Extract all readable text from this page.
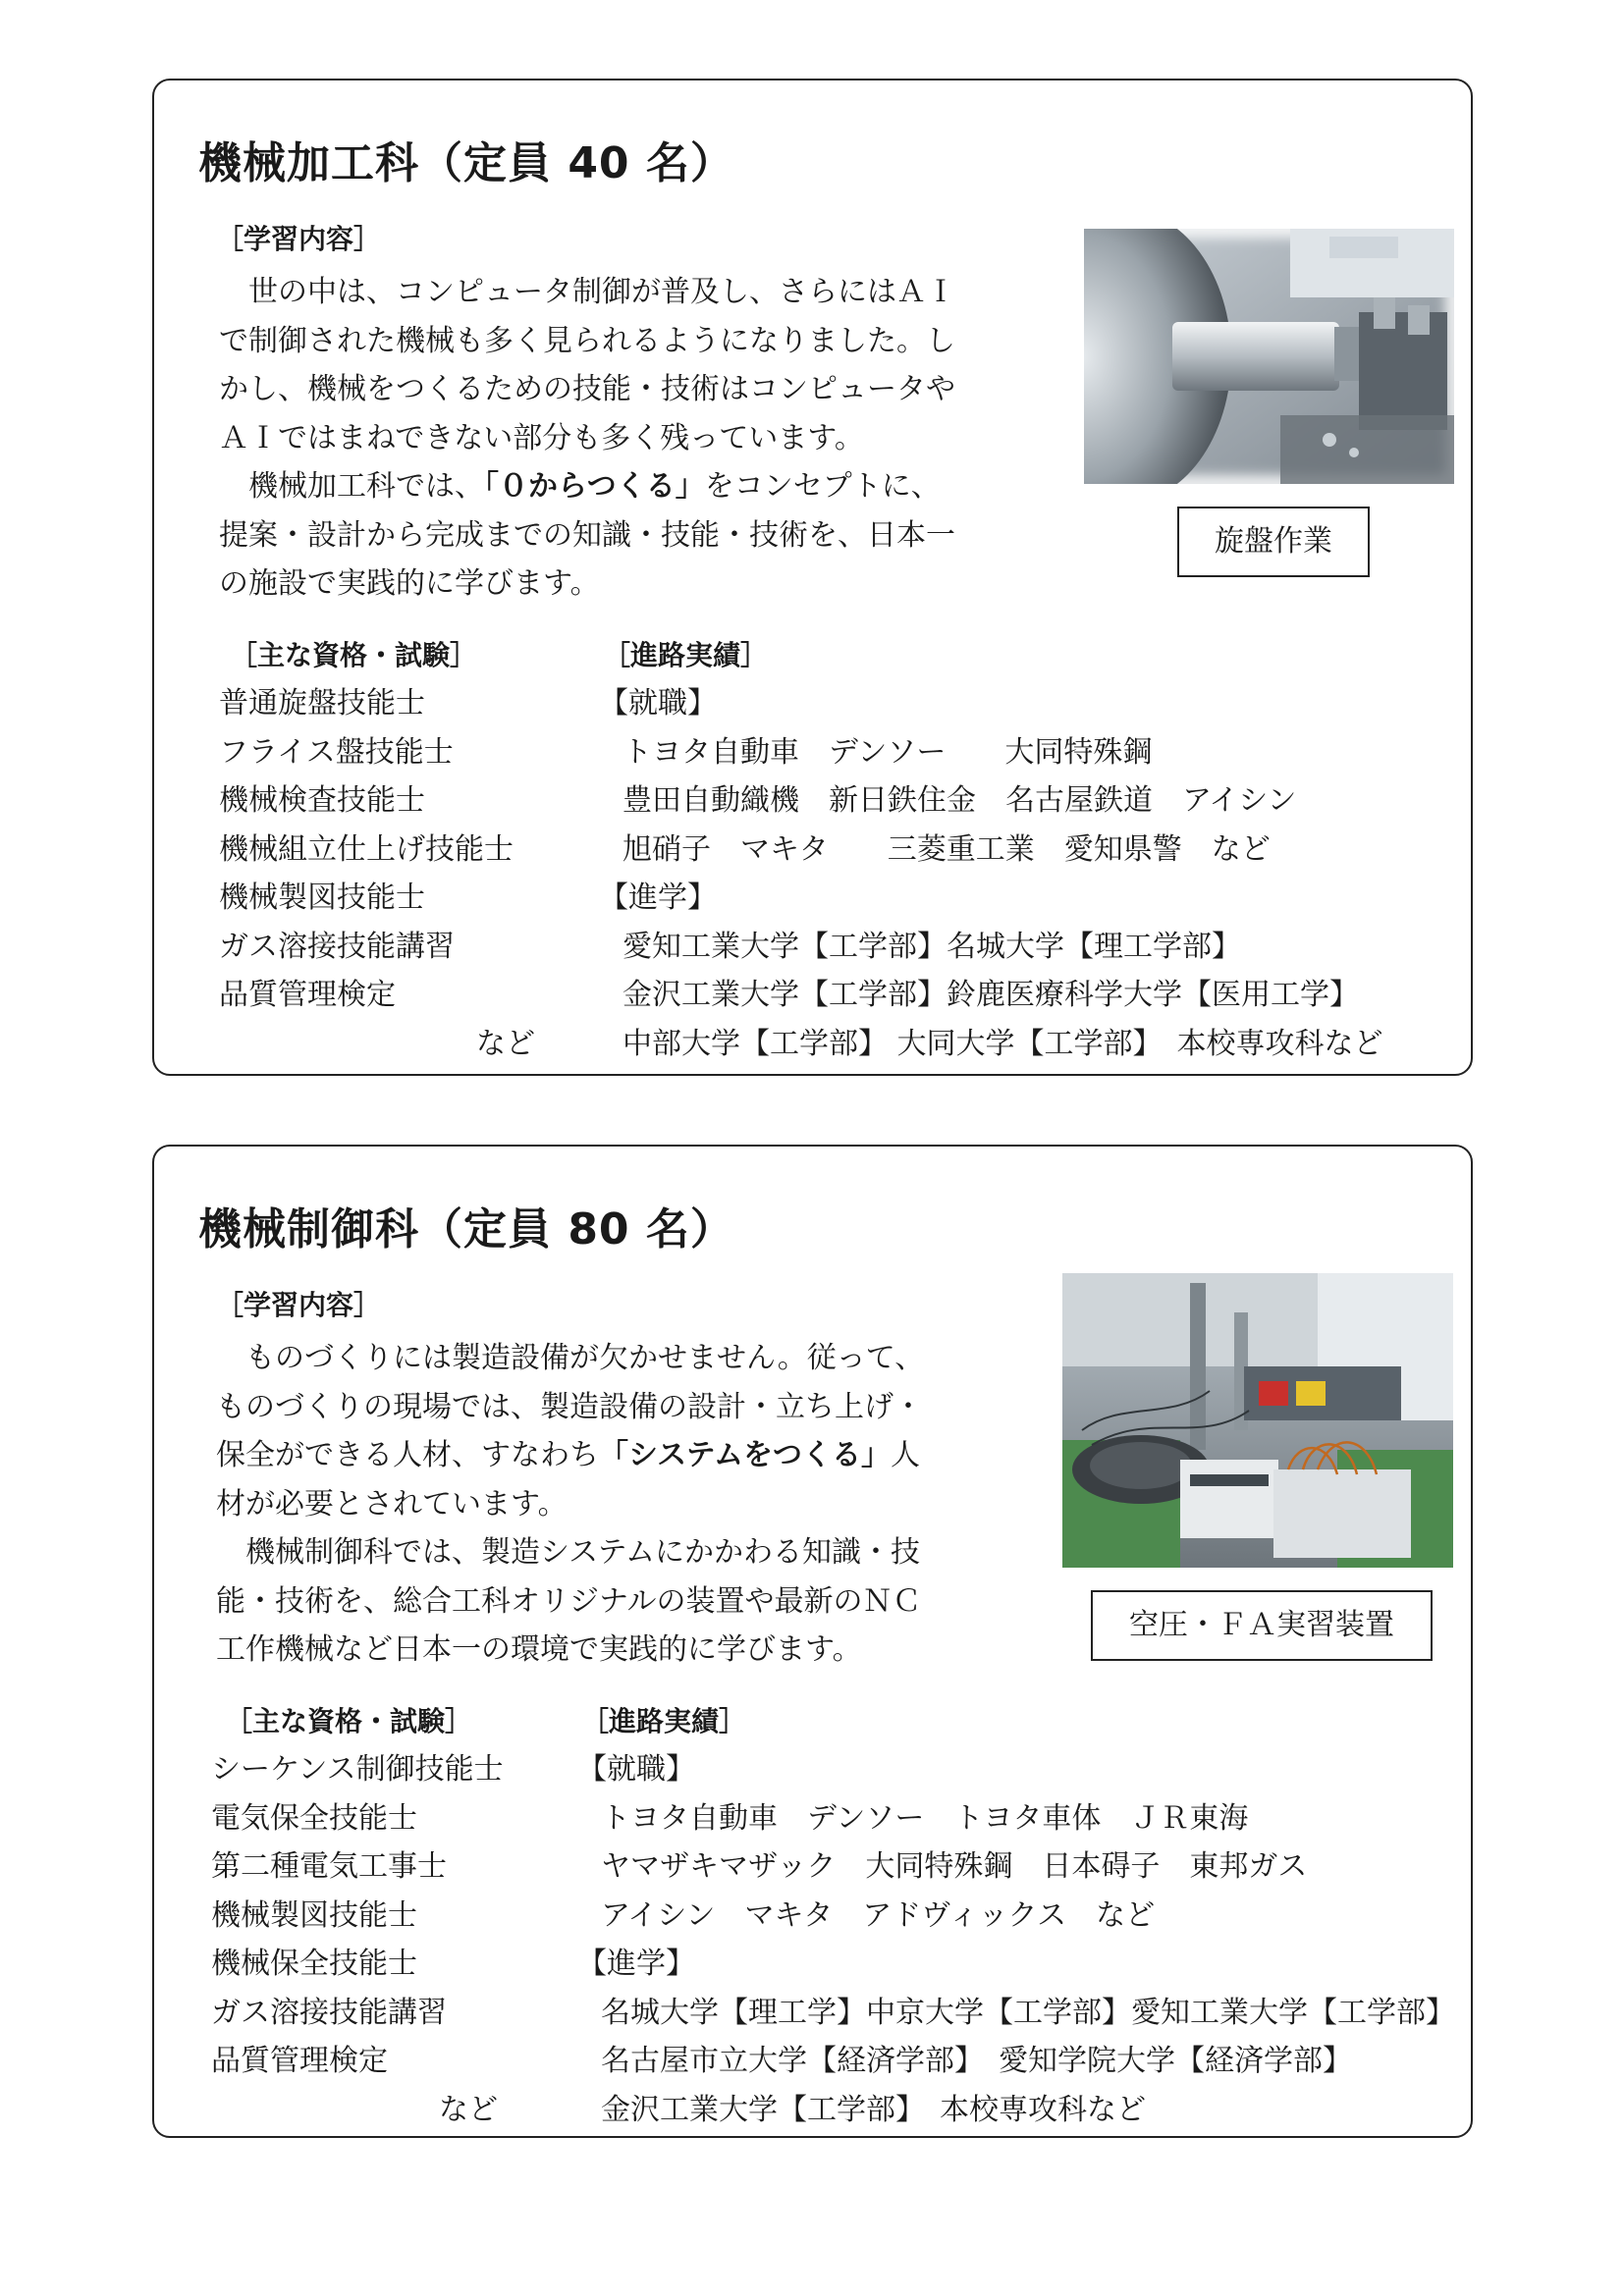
機械加工科（定員 40 名）
［学習内容］
　世の中は、コンピュータ制御が普及し、さらにはＡＩ
で制御された機械も多く見られるようになりました。し
かし、機械をつくるための技能・技術はコンピュータや
ＡＩではまねできない部分も多く残っています。
　機械加工科では、「０からつくる」をコンセプトに、
提案・設計から完成までの知識・技能・技術を、日本一
の施設で実践的に学びます。
旋盤作業
［主な資格・試験］	［進路実績］
普通旋盤技能士
フライス盤技能士
機械検査技能士
機械組立仕上げ技能士
機械製図技能士
ガス溶接技能講習
品質管理検定
など
【就職】
トヨタ自動車　デンソー　　大同特殊鋼
豊田自動織機　新日鉄住金　名古屋鉄道　アイシン
旭硝子　マキタ　　三菱重工業　愛知県警　など
【進学】
愛知工業大学【工学部】名城大学【理工学部】
金沢工業大学【工学部】鈴鹿医療科学大学【医用工学】
中部大学【工学部】 大同大学【工学部】　本校専攻科など
機械制御科（定員 80 名）
［学習内容］
　ものづくりには製造設備が欠かせません。従って、
ものづくりの現場では、製造設備の設計・立ち上げ・
保全ができる人材、すなわち「システムをつくる」人
材が必要とされています。
　機械制御科では、製造システムにかかわる知識・技
能・技術を、総合工科オリジナルの装置や最新のＮＣ
工作機械など日本一の環境で実践的に学びます。
空圧・ＦＡ実習装置
［主な資格・試験］	［進路実績］
シーケンス制御技能士
電気保全技能士
第二種電気工事士
機械製図技能士
機械保全技能士
ガス溶接技能講習
品質管理検定
など
【就職】
トヨタ自動車　デンソー　トヨタ車体　ＪＲ東海
ヤマザキマザック　大同特殊鋼　日本碍子　東邦ガス
アイシン　マキタ　アドヴィックス　など
【進学】
名城大学【理工学】中京大学【工学部】愛知工業大学【工学部】
名古屋市立大学【経済学部】　愛知学院大学【経済学部】
金沢工業大学【工学部】　本校専攻科など
